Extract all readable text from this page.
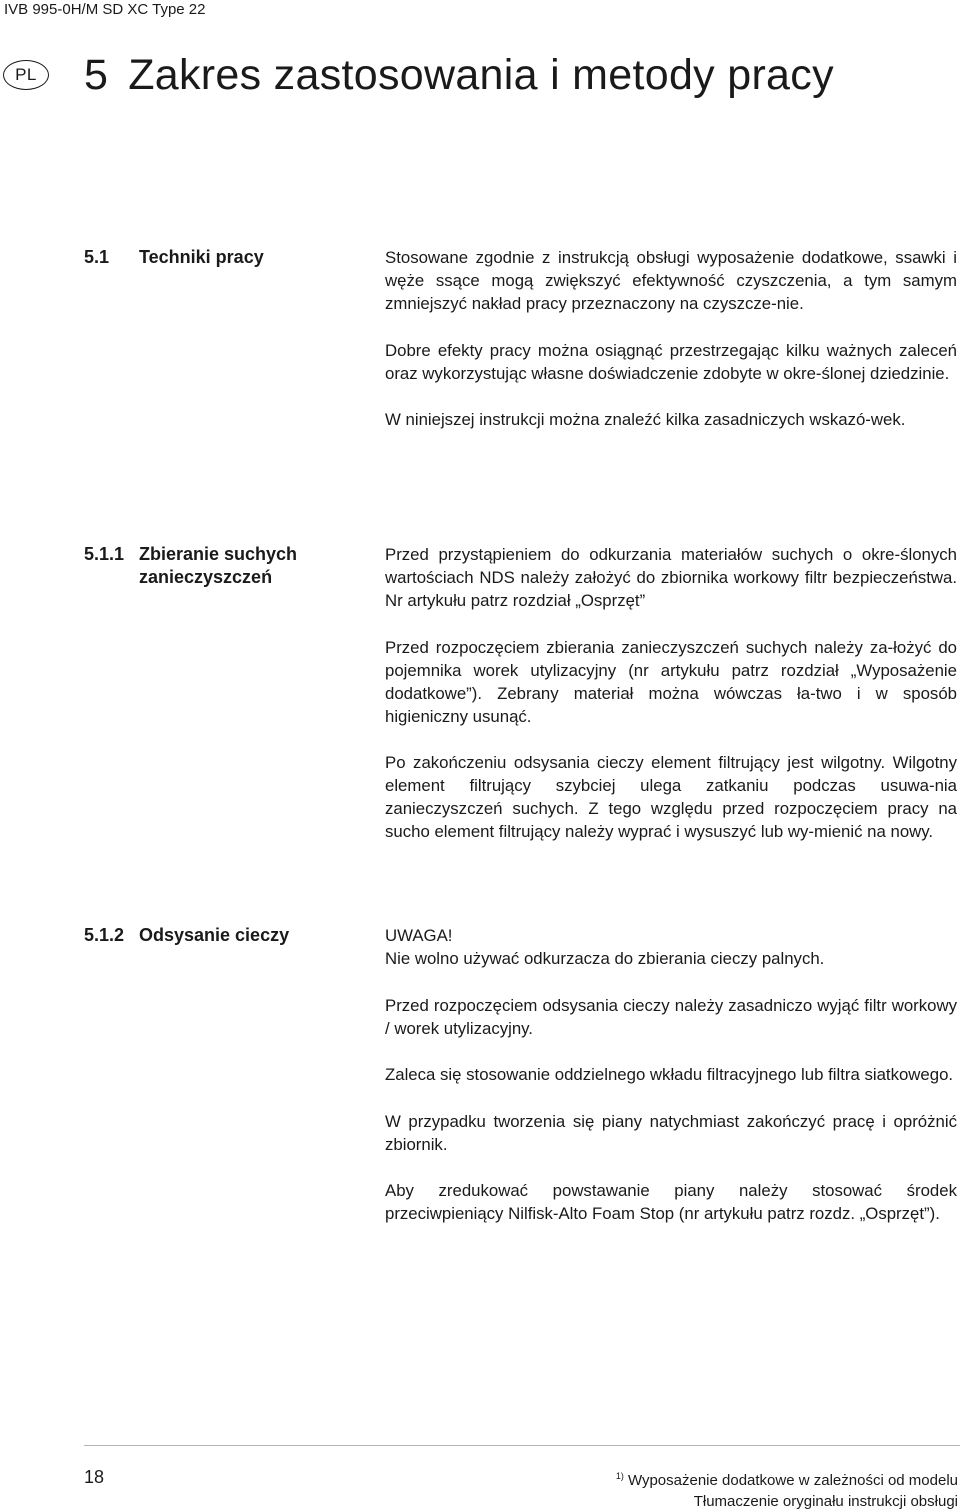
IVB 995-0H/M SD XC Type 22
PL 5 Zakres zastosowania i metody pracy
5.1 Techniki pracy	Stosowane zgodnie z instrukcją obsługi wyposażenie dodatkowe, ssawki i węże ssące mogą zwiększyć efektywność czyszczenia, a tym samym zmniejszyć nakład pracy przeznaczony na czyszcze-nie.

Dobre efekty pracy można osiągnąć przestrzegając kilku ważnych zaleceń oraz wykorzystując własne doświadczenie zdobyte w okre-ślonej dziedzinie.

W niniejszej instrukcji można znaleźć kilka zasadniczych wskazó-wek.

5.1.1 Zbieranie suchych zanieczyszczeń

Przed przystąpieniem do odkurzania materiałów suchych o okre-ślonych wartościach NDS należy założyć do zbiornika workowy filtr bezpieczeństwa. Nr artykułu patrz rozdział „Osprzęt”

Przed rozpoczęciem zbierania zanieczyszczeń suchych należy za-łożyć do pojemnika worek utylizacyjny (nr artykułu patrz rozdział „Wyposażenie dodatkowe”). Zebrany materiał można wówczas ła-two i w sposób higieniczny usunąć.

Po zakończeniu odsysania cieczy element filtrujący jest wilgotny. Wilgotny element filtrujący szybciej ulega zatkaniu podczas usuwa-nia zanieczyszczeń suchych. Z tego względu przed rozpoczęciem pracy na sucho element filtrujący należy wyprać i wysuszyć lub wy-mienić na nowy.

5.1.2 Odsysanie cieczy	UWAGA!
Nie wolno używać odkurzacza do zbierania cieczy palnych.

Przed rozpoczęciem odsysania cieczy należy zasadniczo wyjąć filtr workowy / worek utylizacyjny.

Zaleca się stosowanie oddzielnego wkładu filtracyjnego lub filtra siatkowego.

W przypadku tworzenia się piany natychmiast zakończyć pracę i opróżnić zbiornik.

Aby zredukować powstawanie piany należy stosować środek przeciwpieniący Nilfisk-Alto Foam Stop (nr artykułu patrz rozdz. „Osprzęt”).

18	$^{1)}$ Wyposażenie dodatkowe w zależności od modelu
Tłumaczenie oryginału instrukcji obsługi
